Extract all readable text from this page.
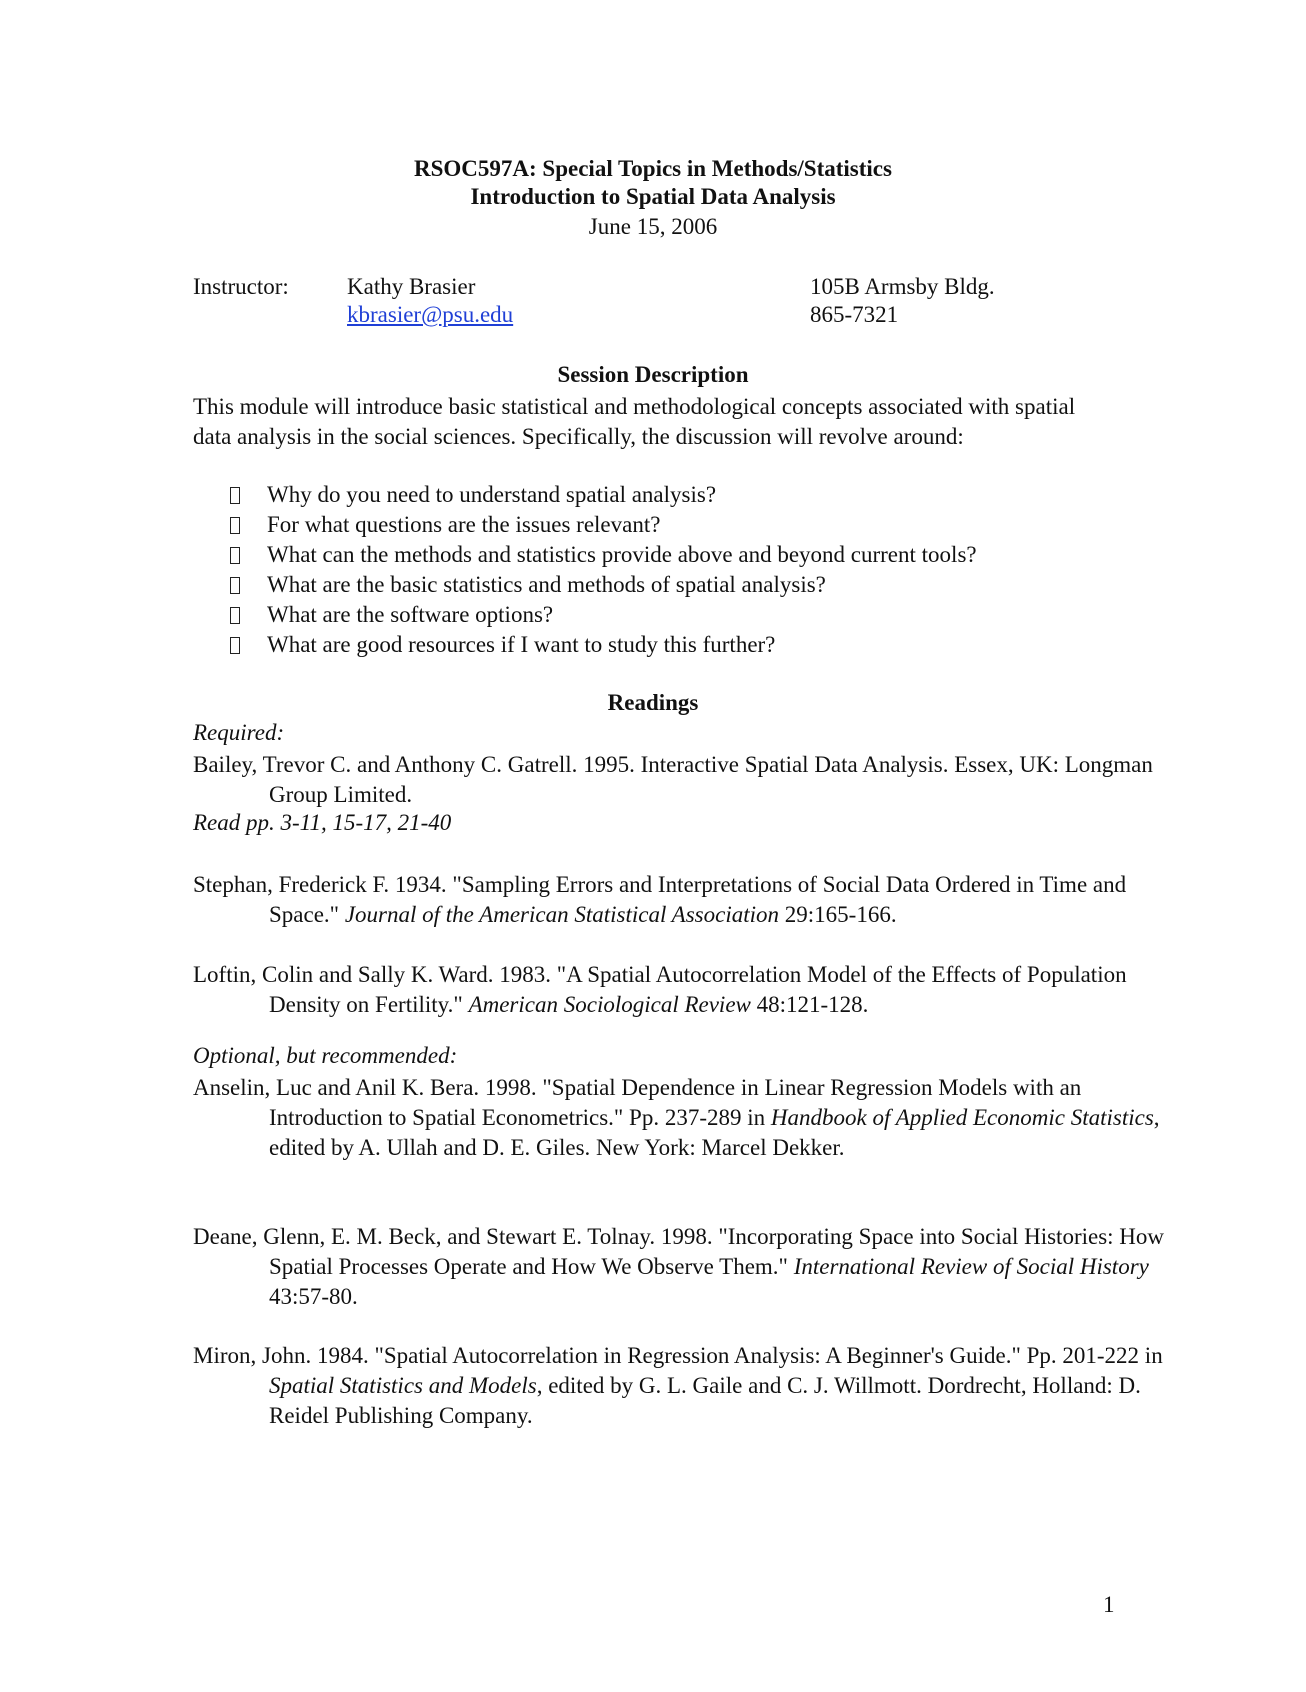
RSOC597A: Special Topics in Methods/Statistics
Introduction to Spatial Data Analysis
June 15, 2006
Instructor:	Kathy Brasier
kbrasier@psu.edu
105B Armsby Bldg.
865-7321
Session Description
This module will introduce basic statistical and methodological concepts associated with spatial data analysis in the social sciences. Specifically, the discussion will revolve around:
Why do you need to understand spatial analysis?
For what questions are the issues relevant?
What can the methods and statistics provide above and beyond current tools?
What are the basic statistics and methods of spatial analysis?
What are the software options?
What are good resources if I want to study this further?
Readings
Required:
Bailey, Trevor C. and Anthony C. Gatrell. 1995. Interactive Spatial Data Analysis. Essex, UK: Longman Group Limited.
Read pp. 3-11, 15-17, 21-40
Stephan, Frederick F. 1934. "Sampling Errors and Interpretations of Social Data Ordered in Time and Space." Journal of the American Statistical Association 29:165-166.
Loftin, Colin and Sally K. Ward. 1983. "A Spatial Autocorrelation Model of the Effects of Population Density on Fertility." American Sociological Review 48:121-128.
Optional, but recommended:
Anselin, Luc and Anil K. Bera. 1998. "Spatial Dependence in Linear Regression Models with an Introduction to Spatial Econometrics." Pp. 237-289 in Handbook of Applied Economic Statistics, edited by A. Ullah and D. E. Giles. New York: Marcel Dekker.
Deane, Glenn, E. M. Beck, and Stewart E. Tolnay. 1998. "Incorporating Space into Social Histories: How Spatial Processes Operate and How We Observe Them." International Review of Social History 43:57-80.
Miron, John. 1984. "Spatial Autocorrelation in Regression Analysis: A Beginner's Guide." Pp. 201-222 in Spatial Statistics and Models, edited by G. L. Gaile and C. J. Willmott. Dordrecht, Holland: D. Reidel Publishing Company.
1
